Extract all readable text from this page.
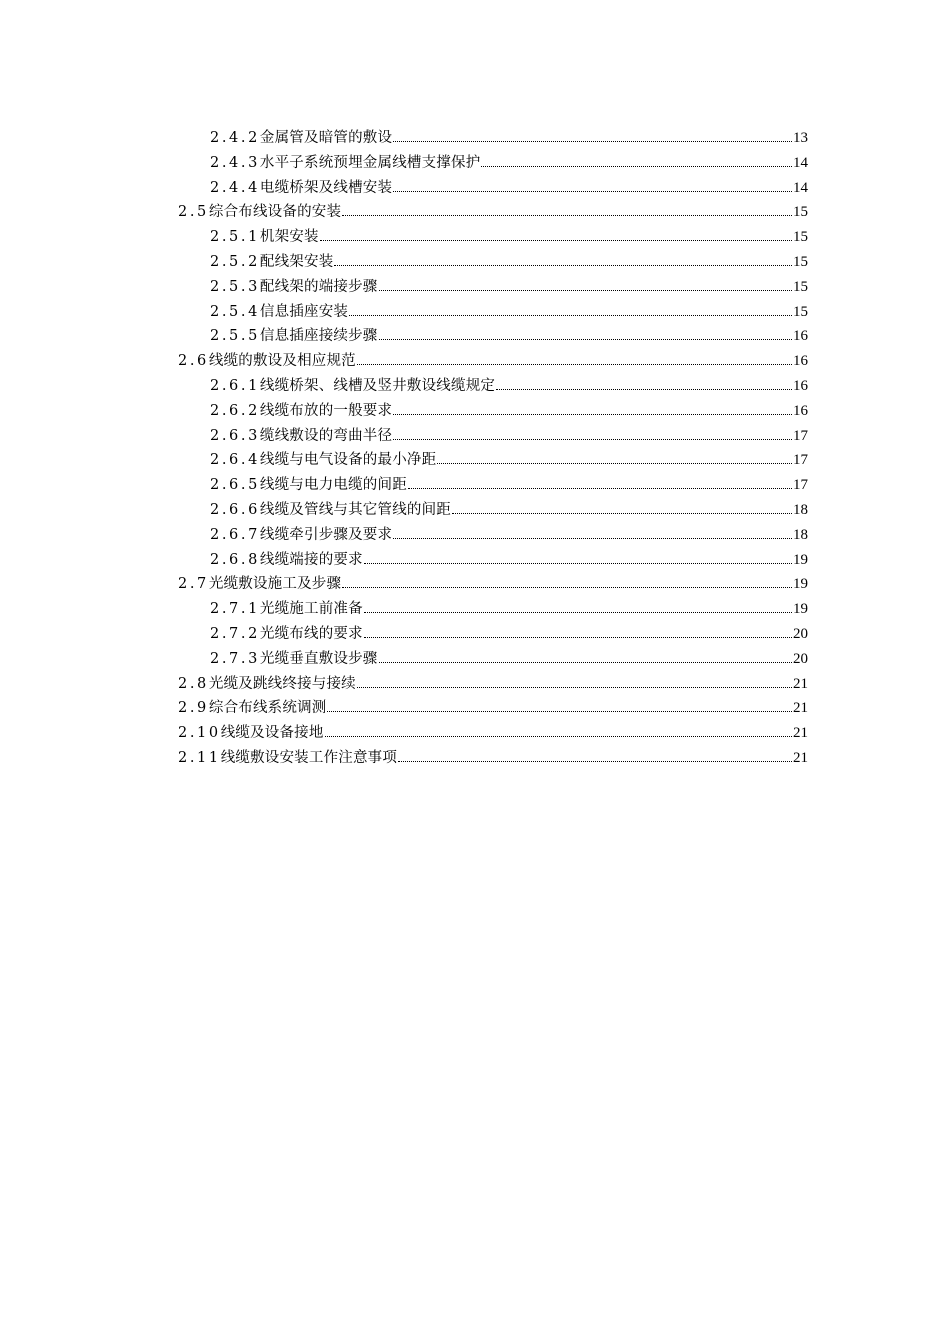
2.4.2金属管及暗管的敷设	13
2.4.3水平子系统预埋金属线槽支撑保护	14
2.4.4电缆桥架及线槽安装	14
2.5综合布线设备的安装	15
2.5.1机架安装	15
2.5.2配线架安装	15
2.5.3配线架的端接步骤	15
2.5.4信息插座安装	15
2.5.5信息插座接续步骤	16
2.6线缆的敷设及相应规范	16
2.6.1线缆桥架、线槽及竖井敷设线缆规定	16
2.6.2线缆布放的一般要求	16
2.6.3缆线敷设的弯曲半径	17
2.6.4线缆与电气设备的最小净距	17
2.6.5线缆与电力电缆的间距	17
2.6.6线缆及管线与其它管线的间距	18
2.6.7线缆牵引步骤及要求	18
2.6.8线缆端接的要求	19
2.7光缆敷设施工及步骤	19
2.7.1光缆施工前准备	19
2.7.2光缆布线的要求	20
2.7.3光缆垂直敷设步骤	20
2.8光缆及跳线终接与接续	21
2.9综合布线系统调测	21
2.10线缆及设备接地	21
2.11线缆敷设安装工作注意事项	21
